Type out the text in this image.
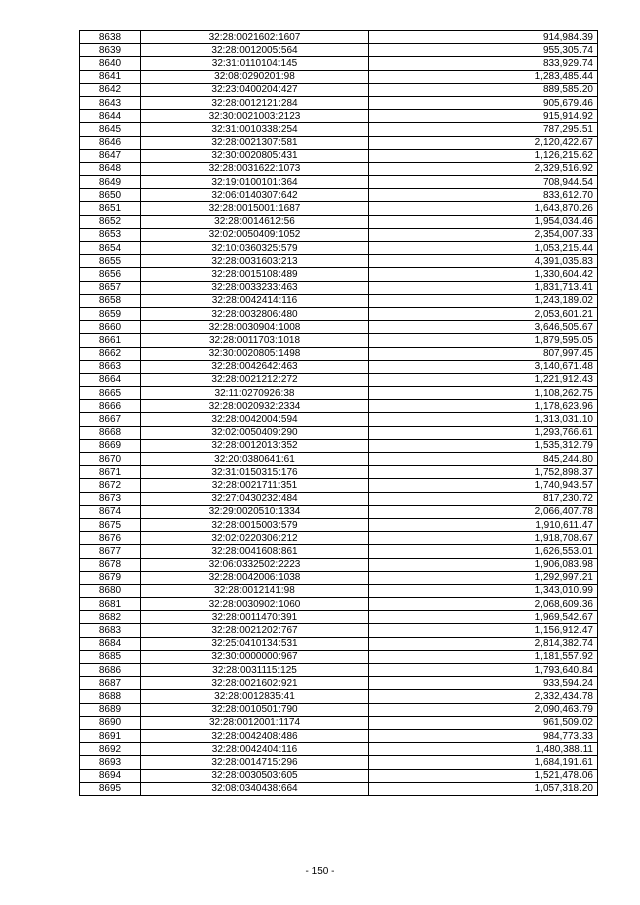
8638	32:28:0021602:1607	914,984.39
8639	32:28:0012005:564	955,305.74
8640	32:31:0110104:145	833,929.74
8641	32:08:0290201:98	1,283,485.44
8642	32:23:0400204:427	889,585.20
8643	32:28:0012121:284	905,679.46
8644	32:30:0021003:2123	915,914.92
8645	32:31:0010338:254	787,295.51
8646	32:28:0021307:581	2,120,422.67
8647	32:30:0020805:431	1,126,215.62
8648	32:28:0031622:1073	2,329,516.92
8649	32:19:0100101:364	708,944.54
8650	32:06:0140307:642	833,612.70
8651	32:28:0015001:1687	1,643,870.26
8652	32:28:0014612:56	1,954,034.46
8653	32:02:0050409:1052	2,354,007.33
8654	32:10:0360325:579	1,053,215.44
8655	32:28:0031603:213	4,391,035.83
8656	32:28:0015108:489	1,330,604.42
8657	32:28:0033233:463	1,831,713.41
8658	32:28:0042414:116	1,243,189.02
8659	32:28:0032806:480	2,053,601.21
8660	32:28:0030904:1008	3,646,505.67
8661	32:28:0011703:1018	1,879,595.05
8662	32:30:0020805:1498	807,997.45
8663	32:28:0042642:463	3,140,671.48
8664	32:28:0021212:272	1,221,912.43
8665	32:11:0270926:38	1,108,262.75
8666	32:28:0020932:2334	1,178,623.96
8667	32:28:0042004:594	1,313,031.10
8668	32:02:0050409:290	1,293,766.61
8669	32:28:0012013:352	1,535,312.79
8670	32:20:0380641:61	845,244.80
8671	32:31:0150315:176	1,752,898.37
8672	32:28:0021711:351	1,740,943.57
8673	32:27:0430232:484	817,230.72
8674	32:29:0020510:1334	2,066,407.78
8675	32:28:0015003:579	1,910,611.47
8676	32:02:0220306:212	1,918,708.67
8677	32:28:0041608:861	1,626,553.01
8678	32:06:0332502:2223	1,906,083.98
8679	32:28:0042006:1038	1,292,997.21
8680	32:28:0012141:98	1,343,010.99
8681	32:28:0030902:1060	2,068,609.36
8682	32:28:0011470:391	1,969,542.67
8683	32:28:0021202:767	1,156,912.47
8684	32:25:0410134:531	2,814,382.74
8685	32:30:0000000:967	1,181,557.92
8686	32:28:0031115:125	1,793,640.84
8687	32:28:0021602:921	933,594.24
8688	32:28:0012835:41	2,332,434.78
8689	32:28:0010501:790	2,090,463.79
8690	32:28:0012001:1174	961,509.02
8691	32:28:0042408:486	984,773.33
8692	32:28:0042404:116	1,480,388.11
8693	32:28:0014715:296	1,684,191.61
8694	32:28:0030503:605	1,521,478.06
8695	32:08:0340438:664	1,057,318.20
- 150 -
